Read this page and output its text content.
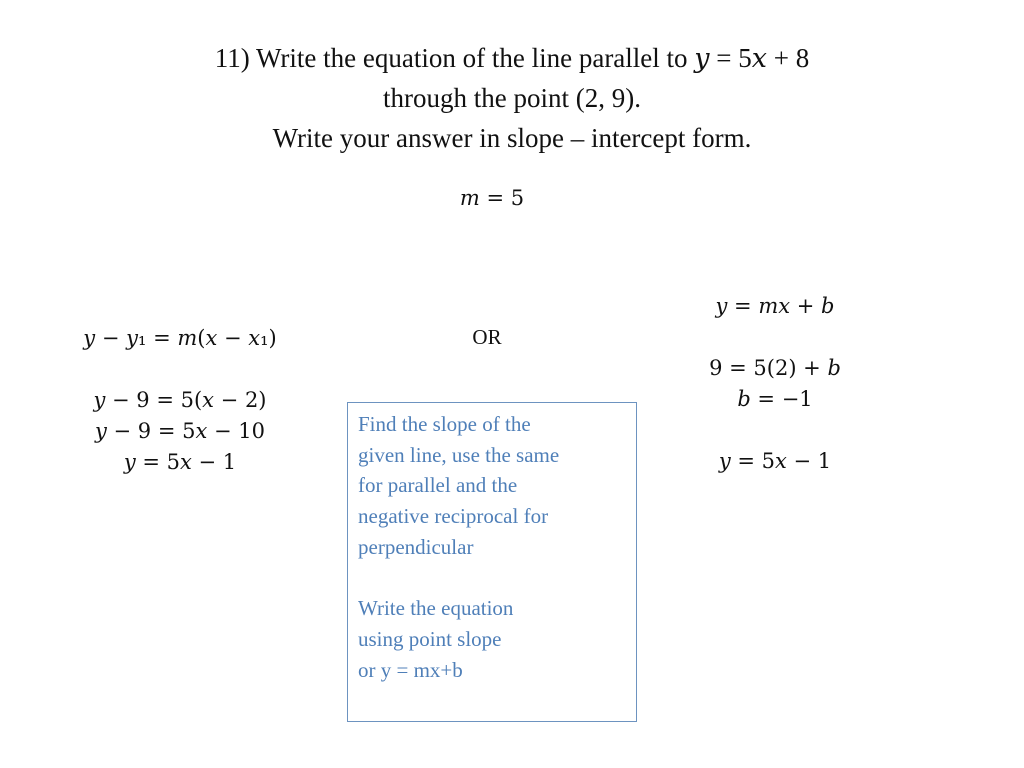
11) Write the equation of the line parallel to 𝑦 = 5𝑥 + 8
through the point (2, 9).
Write your answer in slope – intercept form.
𝑚 = 5
𝑦 − 𝑦₁ = 𝑚(𝑥 − 𝑥₁)
𝑦 − 9 = 5(𝑥 − 2)
𝑦 − 9 = 5𝑥 − 10
𝑦 = 5𝑥 − 1
OR
𝑦 = 𝑚𝑥 + 𝑏
9 = 5(2) + 𝑏
𝑏 = −1
𝑦 = 5𝑥 − 1
Find the slope of the
given line, use the same
for parallel and the
negative reciprocal for
perpendicular
Write the equation
using point slope
or y = mx+b
